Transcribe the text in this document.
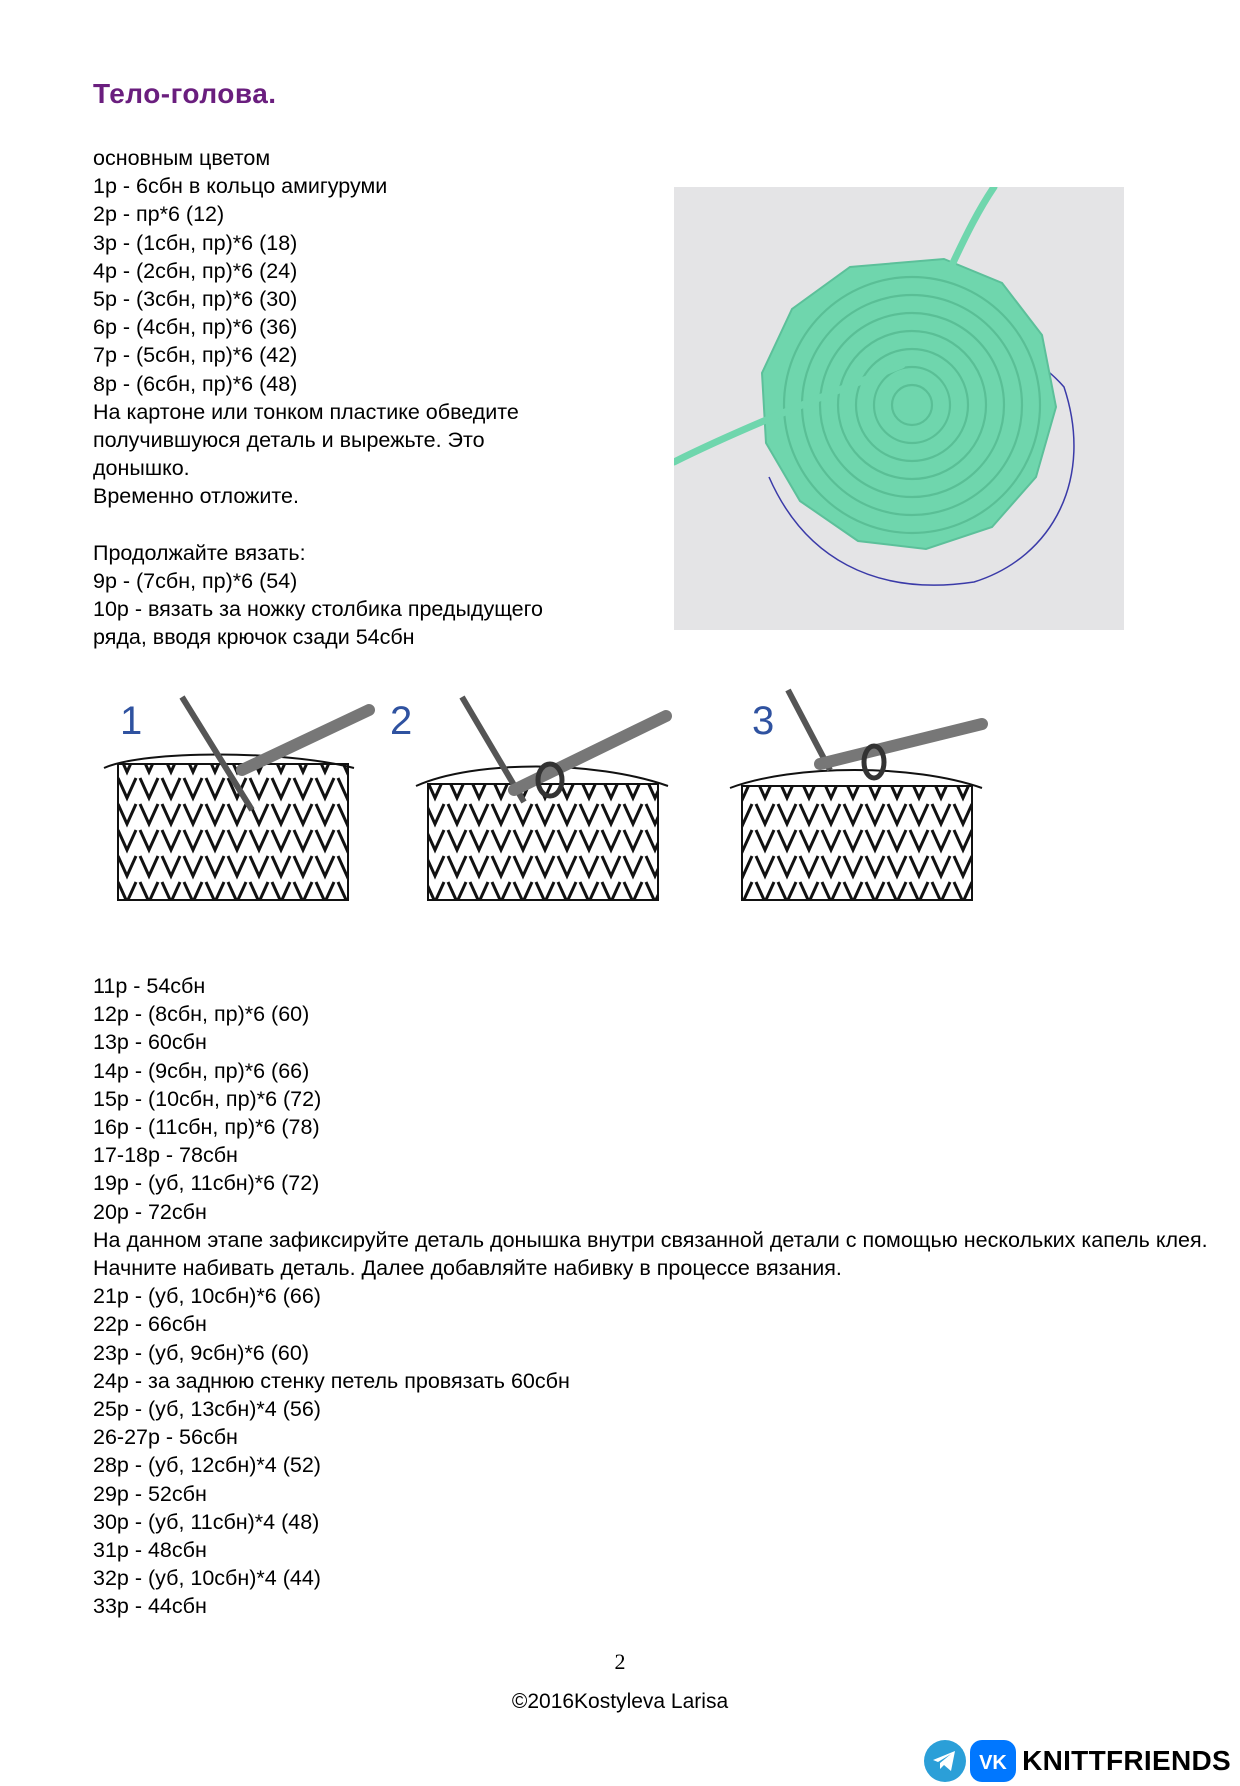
Тело-голова.

основным цветом

1р - 6сбн в кольцо амигуруми

2р - пр*6 (12)

3р - (1сбн, пр)*6 (18)

4р - (2сбн, пр)*6 (24)

5р - (3сбн, пр)*6 (30)

6р - (4сбн, пр)*6 (36)

7р - (5сбн, пр)*6 (42)

8р - (6сбн, пр)*6 (48)

На картоне или тонком пластике обведите

получившуюся деталь и вырежьте. Это

донышко.

Временно отложите.

Продолжайте вязать:

9р - (7сбн, пр)*6 (54)

10р - вязать за ножку столбика предыдущего

ряда, вводя крючок сзади 54сбн

1	2	3

11р - 54сбн

12р - (8сбн, пр)*6 (60)

13р - 60сбн

14р - (9сбн, пр)*6 (66)

15р - (10сбн, пр)*6 (72)

16р - (11сбн, пр)*6 (78)

17-18р - 78сбн

19р - (уб, 11сбн)*6 (72)

20р - 72сбн

На данном этапе зафиксируйте деталь донышка внутри связанной детали с помощью нескольких капель клея. Начните набивать деталь. Далее добавляйте набивку в процессе вязания.

21р - (уб, 10сбн)*6 (66)

22р - 66сбн

23р - (уб, 9сбн)*6 (60)

24р - за заднюю стенку петель провязать 60сбн

25р - (уб, 13сбн)*4 (56)

26-27р - 56сбн

28р - (уб, 12сбн)*4 (52)

29р - 52сбн

30р - (уб, 11сбн)*4 (48)

31р - 48сбн

32р - (уб, 10сбн)*4 (44)

33р - 44сбн

2
©2016Kostyleva Larisa
VK KNITTFRIENDS
